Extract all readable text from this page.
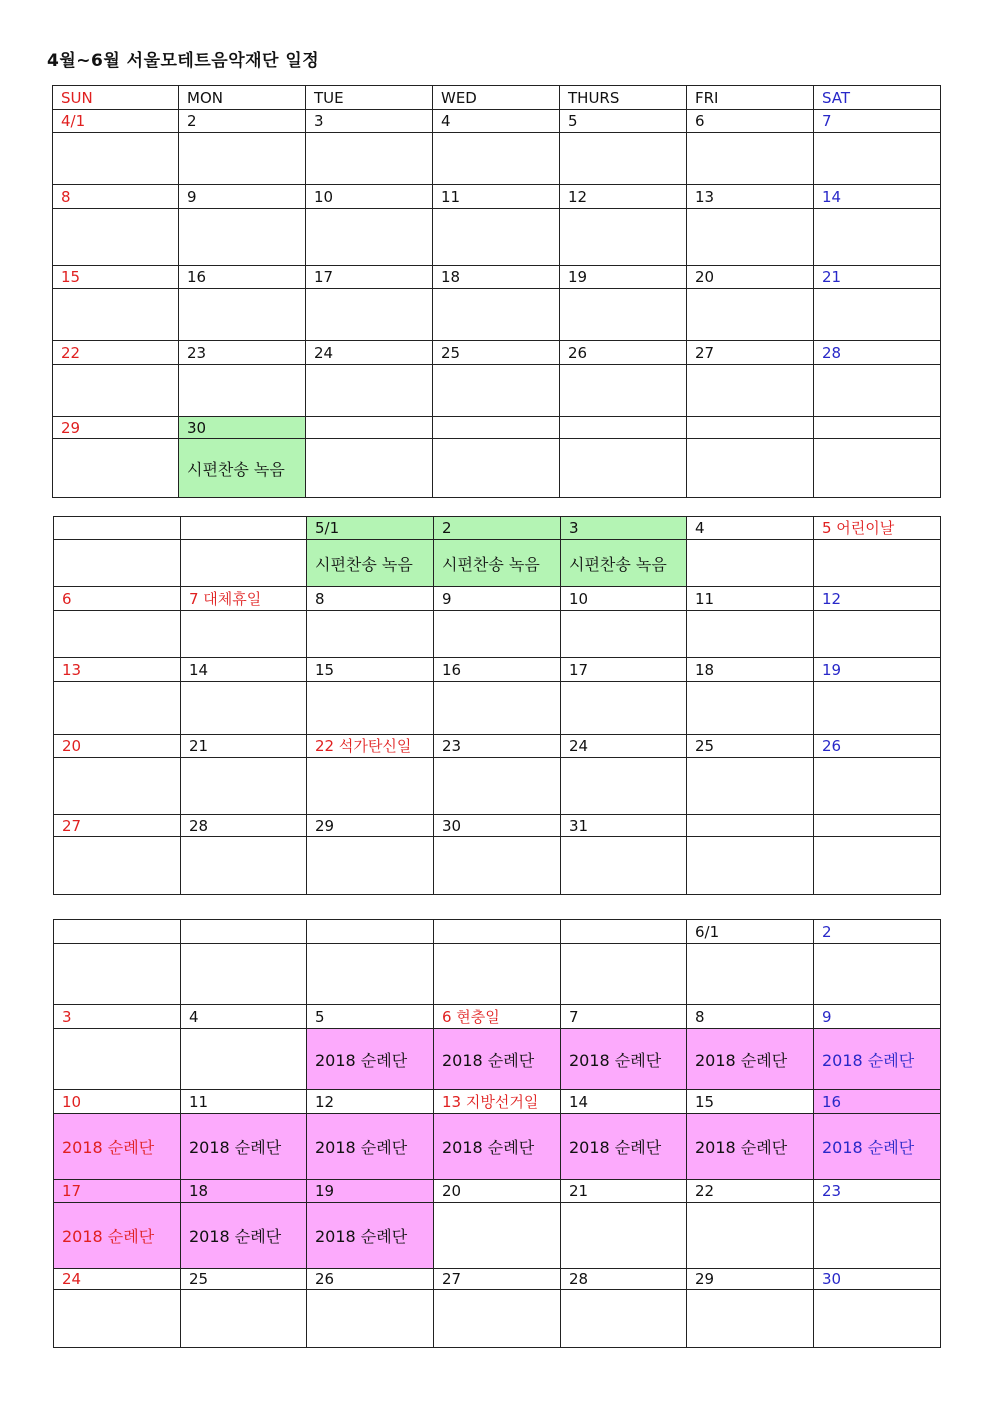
4월~6월 서울모테트음악재단 일정
SUN	MON	TUE	WED	THURS	FRI	SAT
4/1	2	3	4	5	6	7

8	9	10	11	12	13	14

15	16	17	18	19	20	21

22	23	24	25	26	27	28

29	30					
	시편찬송 녹음					
		5/1	2	3	4	5 어린이날
		시편찬송 녹음	시편찬송 녹음	시편찬송 녹음		
6	7 대체휴일	8	9	10	11	12

13	14	15	16	17	18	19

20	21	22 석가탄신일	23	24	25	26

27	28	29	30	31		

					6/1	2

3	4	5	6 현충일	7	8	9
		2018 순례단	2018 순례단	2018 순례단	2018 순례단	2018 순례단
10	11	12	13 지방선거일	14	15	16
2018 순례단	2018 순례단	2018 순례단	2018 순례단	2018 순례단	2018 순례단	2018 순례단
17	18	19	20	21	22	23
2018 순례단	2018 순례단	2018 순례단				
24	25	26	27	28	29	30
